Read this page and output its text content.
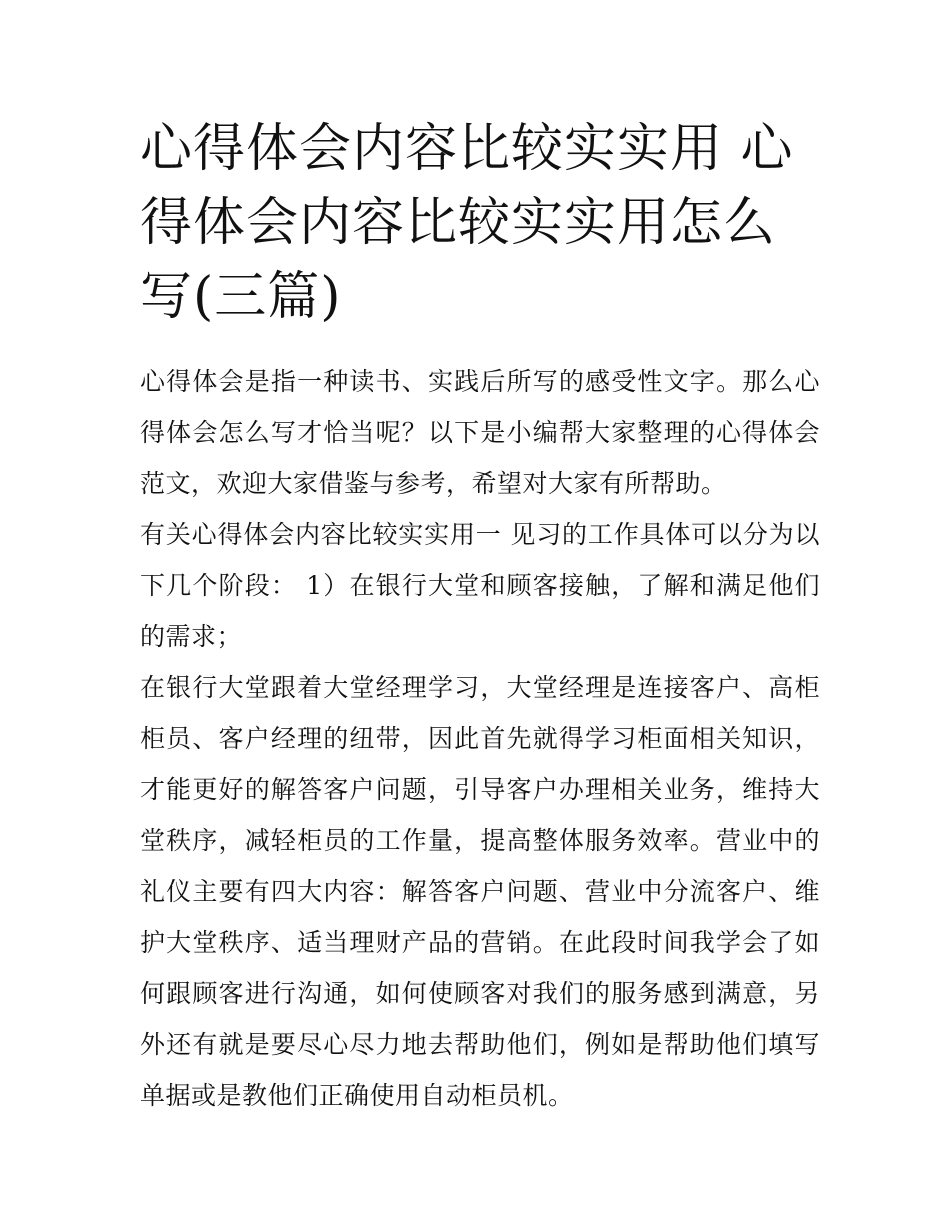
心得体会内容比较实实用 心得体会内容比较实实用怎么写(三篇)

心得体会是指一种读书、实践后所写的感受性文字。那么心得体会怎么写才恰当呢？以下是小编帮大家整理的心得体会范文，欢迎大家借鉴与参考，希望对大家有所帮助。

有关心得体会内容比较实实用一 见习的工作具体可以分为以下几个阶段： 1）在银行大堂和顾客接触，了解和满足他们的需求；

在银行大堂跟着大堂经理学习，大堂经理是连接客户、高柜柜员、客户经理的纽带，因此首先就得学习柜面相关知识，才能更好的解答客户问题，引导客户办理相关业务，维持大堂秩序，减轻柜员的工作量，提高整体服务效率。营业中的礼仪主要有四大内容：解答客户问题、营业中分流客户、维护大堂秩序、适当理财产品的营销。在此段时间我学会了如何跟顾客进行沟通，如何使顾客对我们的服务感到满意，另外还有就是要尽心尽力地去帮助他们，例如是帮助他们填写单据或是教他们正确使用自动柜员机。
